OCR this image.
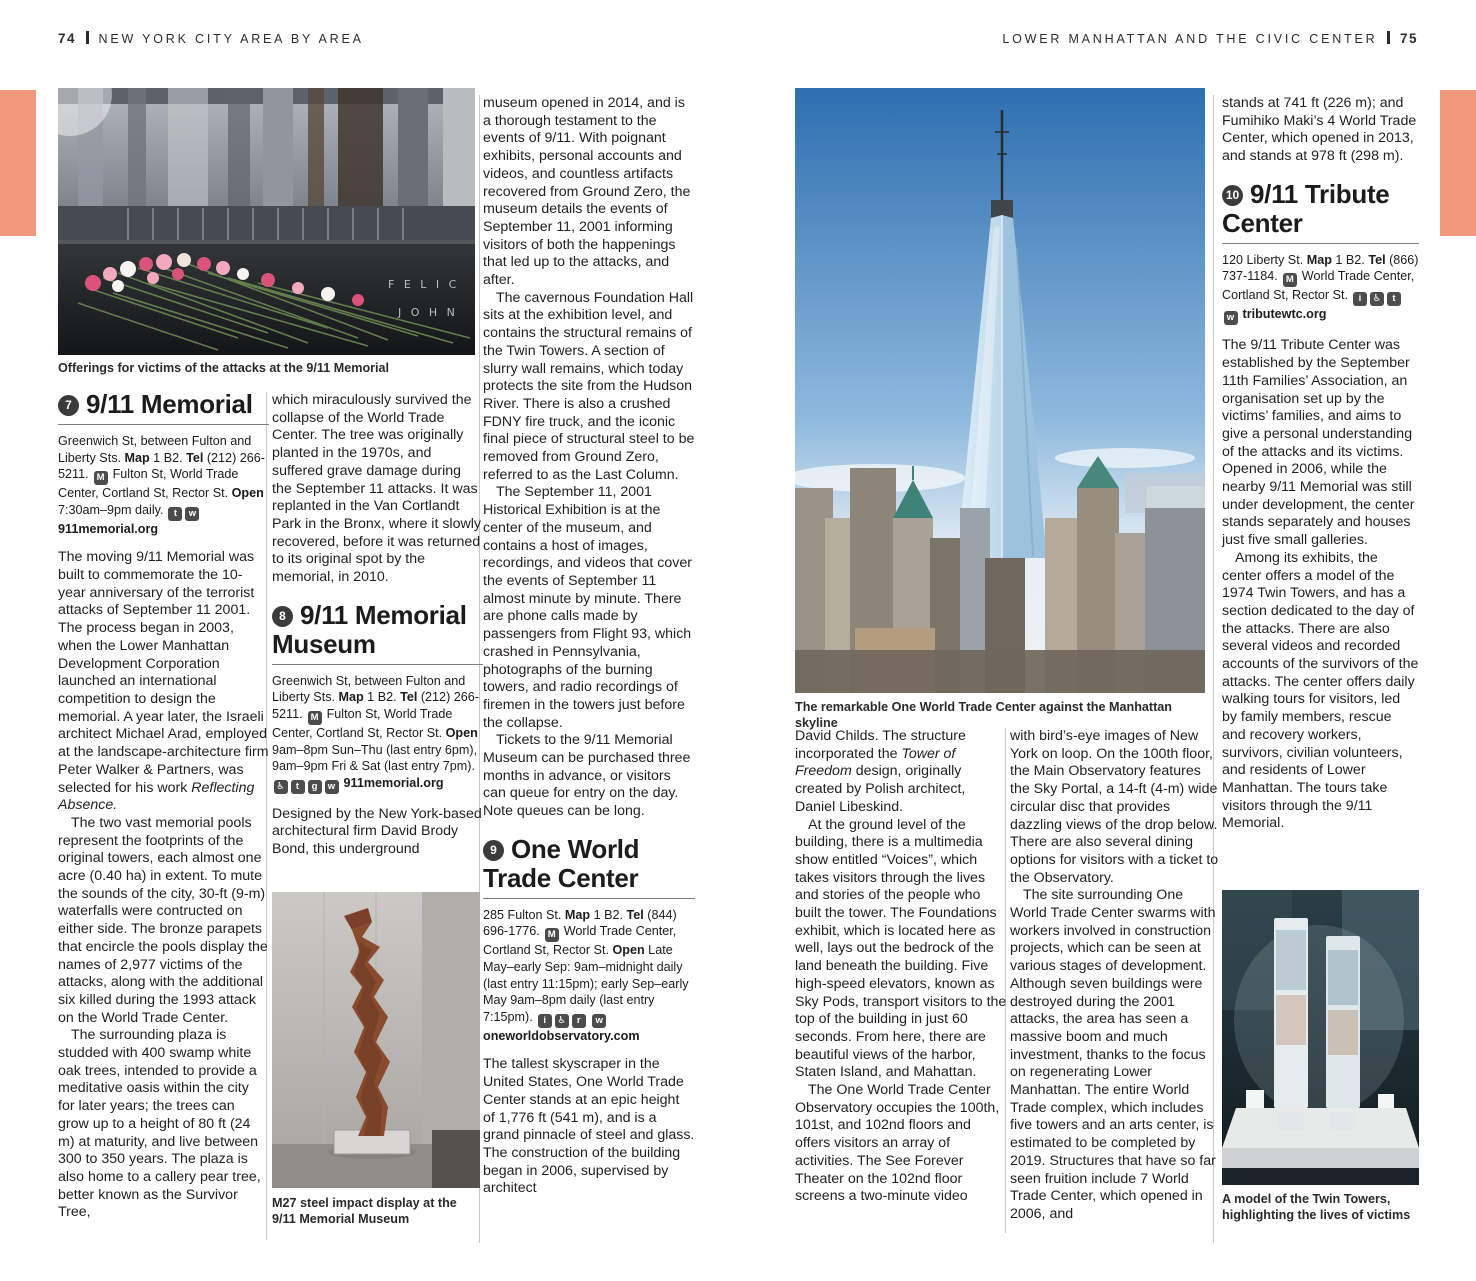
74 NEW YORK CITY AREA BY AREA	LOWER MANHATTAN AND THE CIVIC CENTER 75
F E L I C
J O H N
Offerings for victims of the attacks at the 9/11 Memorial
7 9/11 Memorial

Greenwich St, between Fulton and Liberty Sts. Map 1 B2. Tel (212) 266-5211. M Fulton St, World Trade Center, Cortland St, Rector St. Open 7:30am–9pm daily. t w 911memorial.org

The moving 9/11 Memorial was built to commemorate the 10-year anniversary of the terrorist attacks of September 11 2001. The process began in 2003, when the Lower Manhattan Development Corporation launched an international competition to design the memorial. A year later, the Israeli architect Michael Arad, employed at the landscape-architecture firm Peter Walker & Partners, was selected for his work Reflecting Absence.

The two vast memorial pools represent the footprints of the original towers, each almost one acre (0.40 ha) in extent. To mute the sounds of the city, 30-ft (9-m) waterfalls were contructed on either side. The bronze parapets that encircle the pools display the names of 2,977 victims of the attacks, along with the additional six killed during the 1993 attack on the World Trade Center.

The surrounding plaza is studded with 400 swamp white oak trees, intended to provide a meditative oasis within the city for later years; the trees can grow up to a height of 80 ft (24 m) at maturity, and live between 300 to 350 years. The plaza is also home to a callery pear tree, better known as the Survivor Tree,

which miraculously survived the collapse of the World Trade Center. The tree was originally planted in the 1970s, and suffered grave damage during the September 11 attacks. It was replanted in the Van Cortlandt Park in the Bronx, where it slowly recovered, before it was returned to its original spot by the memorial, in 2010.

8 9/11 Memorial Museum

Greenwich St, between Fulton and Liberty Sts. Map 1 B2. Tel (212) 266-5211. M Fulton St, World Trade Center, Cortland St, Rector St. Open 9am–8pm Sun–Thu (last entry 6pm), 9am–9pm Fri & Sat (last entry 7pm). ♿ t g w 911memorial.org

Designed by the New York-based architectural firm David Brody Bond, this underground

M27 steel impact display at the 9/11 Memorial Museum

museum opened in 2014, and is a thorough testament to the events of 9/11. With poignant exhibits, personal accounts and videos, and countless artifacts recovered from Ground Zero, the museum details the events of September 11, 2001 informing visitors of both the happenings that led up to the attacks, and after.

The cavernous Foundation Hall sits at the exhibition level, and contains the structural remains of the Twin Towers. A section of slurry wall remains, which today protects the site from the Hudson River. There is also a crushed FDNY fire truck, and the iconic final piece of structural steel to be removed from Ground Zero, referred to as the Last Column.

The September 11, 2001 Historical Exhibition is at the center of the museum, and contains a host of images, recordings, and videos that cover the events of September 11 almost minute by minute. There are phone calls made by passengers from Flight 93, which crashed in Pennsylvania, photographs of the burning towers, and radio recordings of firemen in the towers just before the collapse.

Tickets to the 9/11 Memorial Museum can be purchased three months in advance, or visitors can queue for entry on the day. Note queues can be long.

9 One World Trade Center

285 Fulton St. Map 1 B2. Tel (844) 696-1776. M World Trade Center, Cortland St, Rector St. Open Late May–early Sep: 9am–midnight daily (last entry 11:15pm); early Sep–early May 9am–8pm daily (last entry 7:15pm). i ♿ r w oneworldobservatory.com

The tallest skyscraper in the United States, One World Trade Center stands at an epic height of 1,776 ft (541 m), and is a grand pinnacle of steel and glass. The construction of the building began in 2006, supervised by architect

The remarkable One World Trade Center against the Manhattan skyline

David Childs. The structure incorporated the Tower of Freedom design, originally created by Polish architect, Daniel Libeskind.

At the ground level of the building, there is a multimedia show entitled “Voices”, which takes visitors through the lives and stories of the people who built the tower. The Foundations exhibit, which is located here as well, lays out the bedrock of the land beneath the building. Five high-speed elevators, known as Sky Pods, transport visitors to the top of the building in just 60 seconds. From here, there are beautiful views of the harbor, Staten Island, and Mahattan.

The One World Trade Center Observatory occupies the 100th, 101st, and 102nd floors and offers visitors an array of activities. The See Forever Theater on the 102nd floor screens a two-minute video

with bird’s-eye images of New York on loop. On the 100th floor, the Main Observatory features the Sky Portal, a 14-ft (4-m) wide circular disc that provides dazzling views of the drop below. There are also several dining options for visitors with a ticket to the Observatory.

The site surrounding One World Trade Center swarms with workers involved in construction projects, which can be seen at various stages of development. Although seven buildings were destroyed during the 2001 attacks, the area has seen a massive boom and much investment, thanks to the focus on regenerating Lower Manhattan. The entire World Trade complex, which includes five towers and an arts center, is estimated to be completed by 2019. Structures that have so far seen fruition include 7 World Trade Center, which opened in 2006, and

stands at 741 ft (226 m); and Fumihiko Maki’s 4 World Trade Center, which opened in 2013, and stands at 978 ft (298 m).

10 9/11 Tribute Center

120 Liberty St. Map 1 B2. Tel (866) 737-1184. M World Trade Center, Cortland St, Rector St. i ♿ t w tributewtc.org

The 9/11 Tribute Center was established by the September 11th Families’ Association, an organisation set up by the victims’ families, and aims to give a personal understanding of the attacks and its victims. Opened in 2006, while the nearby 9/11 Memorial was still under development, the center stands separately and houses just five small galleries.

Among its exhibits, the center offers a model of the 1974 Twin Towers, and has a section dedicated to the day of the attacks. There are also several videos and recorded accounts of the survivors of the attacks. The center offers daily walking tours for visitors, led by family members, rescue and recovery workers, survivors, civilian volunteers, and residents of Lower Manhattan. The tours take visitors through the 9/11 Memorial.

A model of the Twin Towers, highlighting the lives of victims
